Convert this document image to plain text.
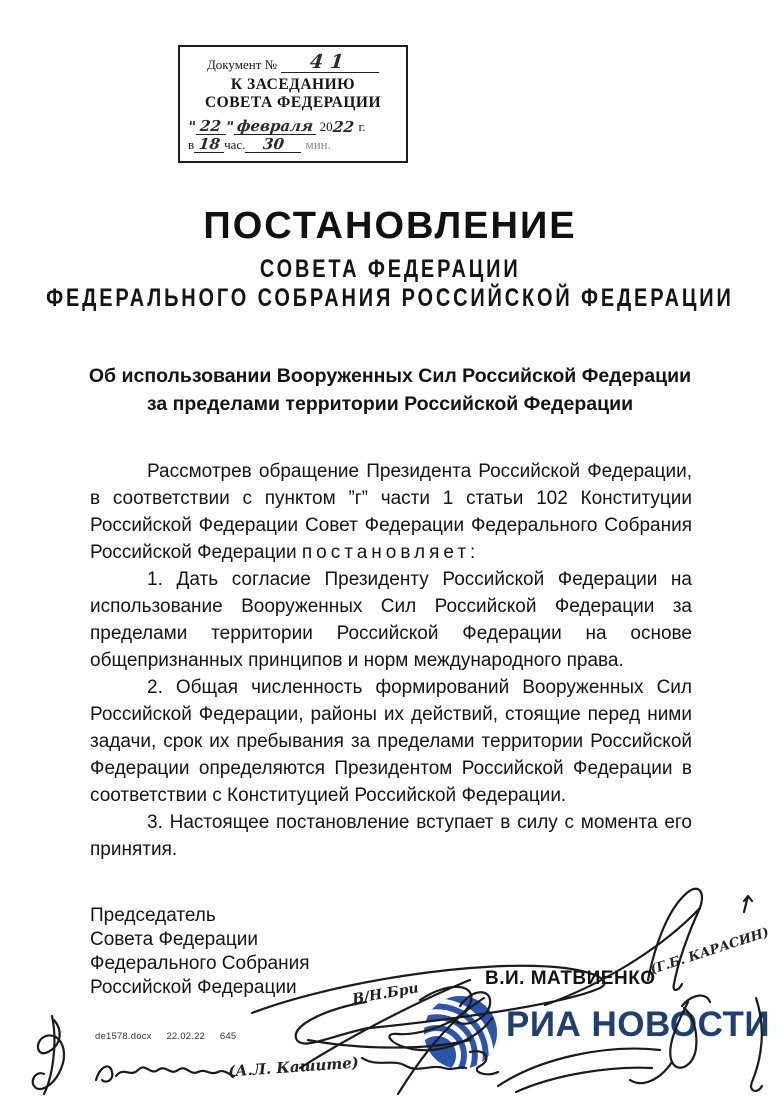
Документ №	41
К ЗАСЕДАНИЮ
СОВЕТА ФЕДЕРАЦИИ
" 22 " февраля 20 22 г.
в 18 час.	30	мин.
ПОСТАНОВЛЕНИЕ
СОВЕТА ФЕДЕРАЦИИ
ФЕДЕРАЛЬНОГО СОБРАНИЯ РОССИЙСКОЙ ФЕДЕРАЦИИ
Об использовании Вооруженных Сил Российской Федерации
за пределами территории Российской Федерации

Рассмотрев обращение Президента Российской Федерации, в соответствии с пунктом ”г” части 1 статьи 102 Конституции Российской Федерации Совет Федерации Федерального Собрания Российской Федерации постановляет:

1. Дать согласие Президенту Российской Федерации на использование Вооруженных Сил Российской Федерации за пределами территории Российской Федерации на основе общепризнанных принципов и норм международного права.

2. Общая численность формирований Вооруженных Сил Российской Федерации, районы их действий, стоящие перед ними задачи, срок их пребывания за пределами территории Российской Федерации определяются Президентом Российской Федерации в соответствии с Конституцией Российской Федерации.

3. Настоящее постановление вступает в силу с момента его принятия.

Председатель
Совета Федерации
Федерального Собрания
Российской Федерации	В.И. МАТВИЕНКО
de1578.docx 22.02.22 645	РИА НОВОСТИ
(Г.Б. КАРАСИН)
В/Н.Бри
(А.Л. Кашите)
